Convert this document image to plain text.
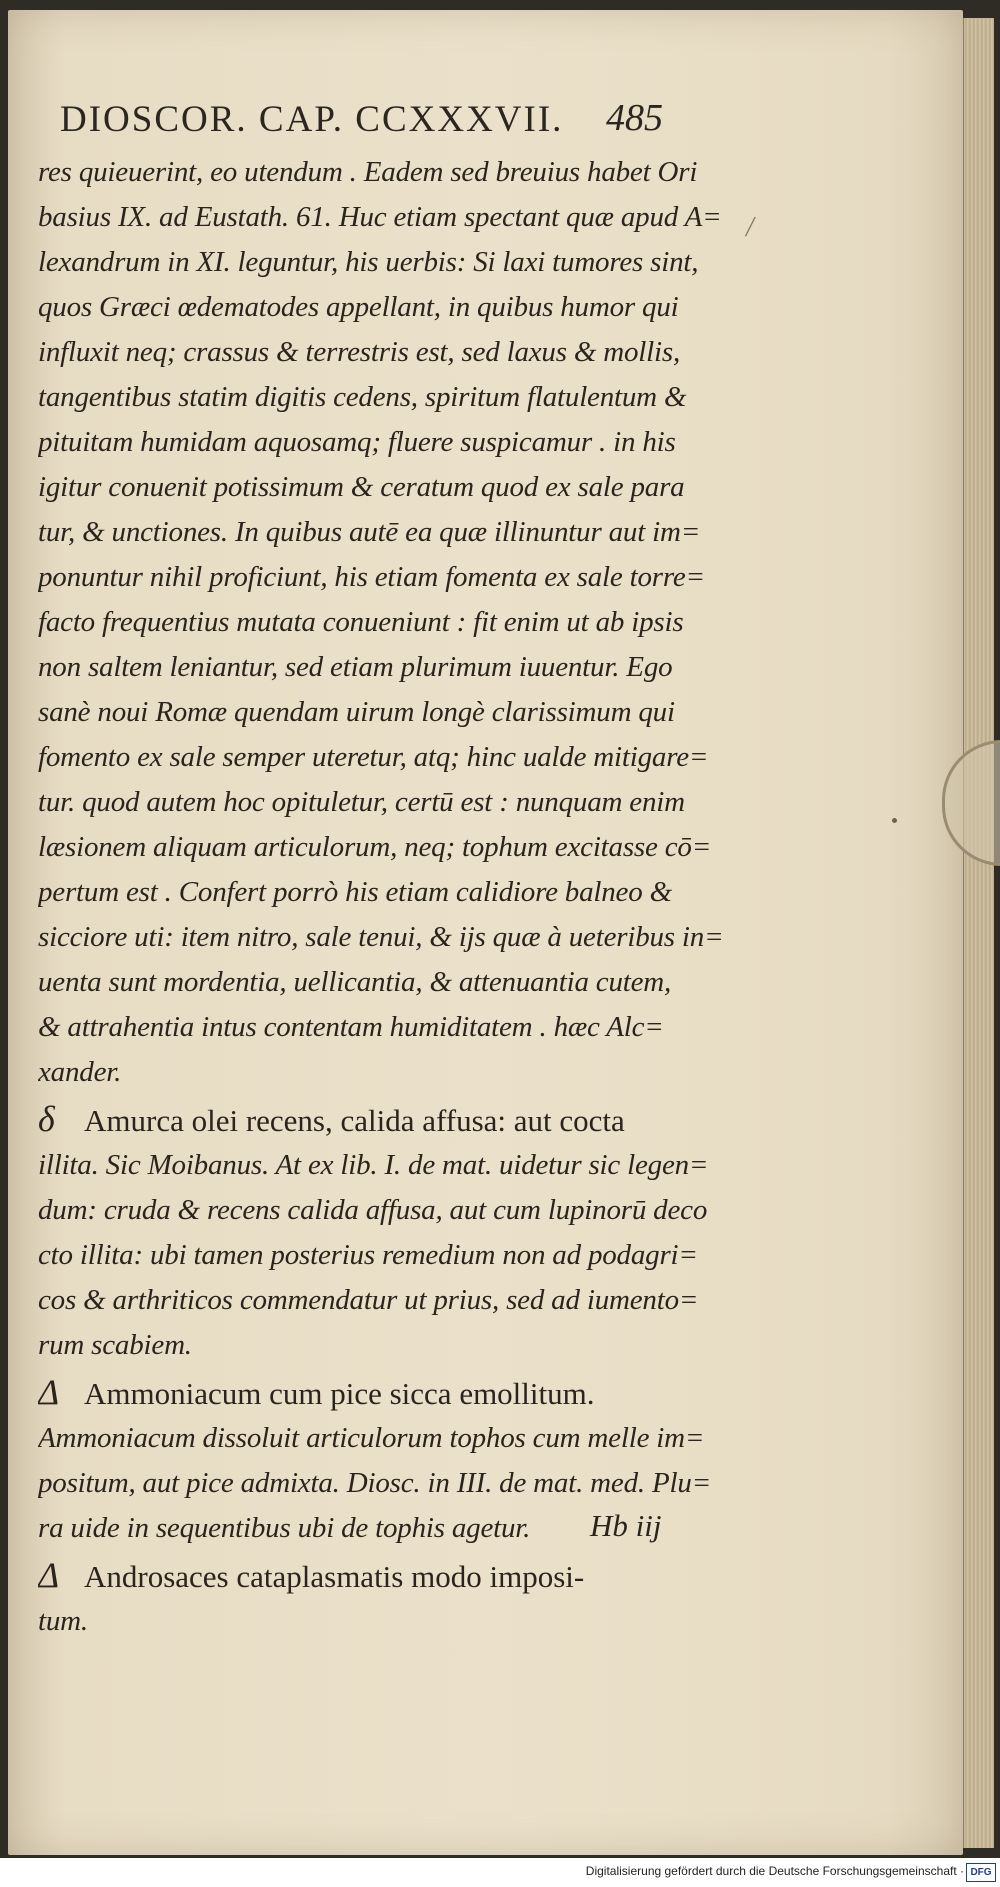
DIOSCOR. CAP. CCXXXVII.	485
/
res quieuerint, eo utendum . Eadem sed breuius habet Ori
basius IX. ad Eustath. 61. Huc etiam spectant quæ apud A=
lexandrum in XI. leguntur, his uerbis: Si laxi tumores sint,
quos Græci œdematodes appellant, in quibus humor qui
influxit neq; crassus & terrestris est, sed laxus & mollis,
tangentibus statim digitis cedens, spiritum flatulentum &
pituitam humidam aquosamq; fluere suspicamur . in his
igitur conuenit potissimum & ceratum quod ex sale para
tur, & unctiones. In quibus autē ea quæ illinuntur aut im=
ponuntur nihil proficiunt, his etiam fomenta ex sale torre=
facto frequentius mutata conueniunt : fit enim ut ab ipsis
non saltem leniantur, sed etiam plurimum iuuentur. Ego
sanè noui Romæ quendam uirum longè clarissimum qui
fomento ex sale semper uteretur, atq; hinc ualde mitigare=
tur. quod autem hoc opituletur, certū est : nunquam enim
læsionem aliquam articulorum, neq; tophum excitasse cō=
pertum est . Confert porrò his etiam calidiore balneo &
sicciore uti: item nitro, sale tenui, & ijs quæ à ueteribus in=
uenta sunt mordentia, uellicantia, & attenuantia cutem,
& attrahentia intus contentam humiditatem . hæc Alc=
xander.
δ Amurca olei recens, calida affusa: aut cocta
illita. Sic Moibanus. At ex lib. I. de mat. uidetur sic legen=
dum: cruda & recens calida affusa, aut cum lupinorū deco
cto illita: ubi tamen posterius remedium non ad podagri=
cos & arthriticos commendatur ut prius, sed ad iumento=
rum scabiem.
Δ Ammoniacum cum pice sicca emollitum.
Ammoniacum dissoluit articulorum tophos cum melle im=
positum, aut pice admixta. Diosc. in III. de mat. med. Plu=
ra uide in sequentibus ubi de tophis agetur.
Δ Androsaces cataplasmatis modo imposi-
tum.
Hb iij
Digitalisierung gefördert durch die Deutsche Forschungsgemeinschaft · DFG
